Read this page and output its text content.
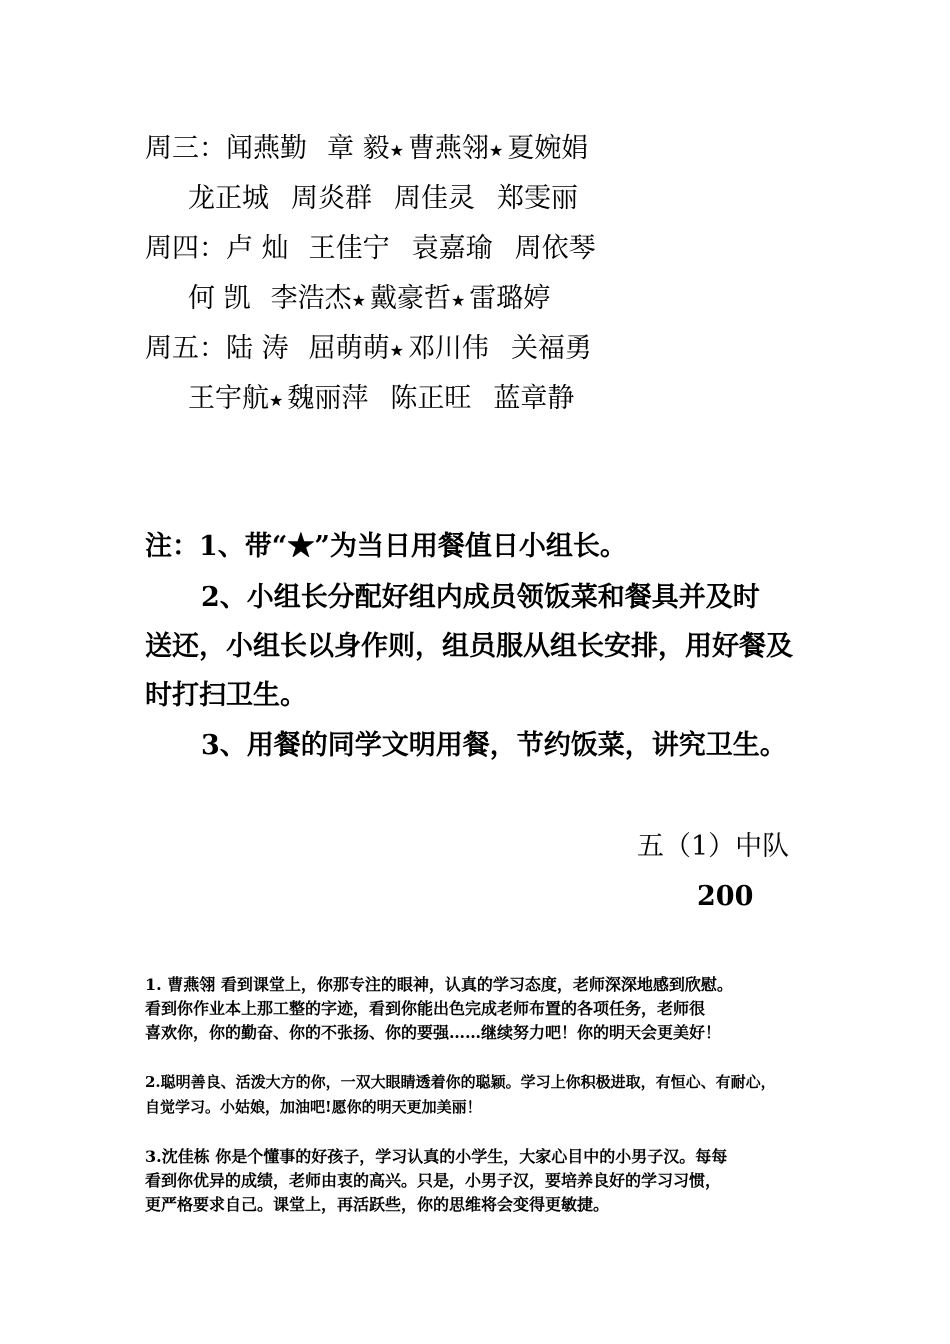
周三：闻燕勤 章 毅★ 曹燕翎★ 夏婉娟
龙正城 周炎群 周佳灵 郑雯丽
周四：卢 灿 王佳宁 袁嘉瑜 周依琴
何 凯 李浩杰★ 戴豪哲★ 雷璐婷
周五：陆 涛 屈萌萌★ 邓川伟 关福勇
王宇航★ 魏丽萍 陈正旺 蓝章静
注：1、带“★”为当日用餐值日小组长。
2、小组长分配好组内成员领饭菜和餐具并及时
送还，小组长以身作则，组员服从组长安排，用好餐及
时打扫卫生。
3、用餐的同学文明用餐，节约饭菜，讲究卫生。
五（1）中队
200
1. 曹燕翎 看到课堂上，你那专注的眼神，认真的学习态度，老师深深地感到欣慰。
看到你作业本上那工整的字迹，看到你能出色完成老师布置的各项任务，老师很
喜欢你，你的勤奋、你的不张扬、你的要强……继续努力吧！你的明天会更美好！
2.聪明善良、活泼大方的你，一双大眼睛透着你的聪颖。学习上你积极进取，有恒心、有耐心，
自觉学习。小姑娘，加油吧!愿你的明天更加美丽！
3.沈佳栋 你是个懂事的好孩子，学习认真的小学生，大家心目中的小男子汉。每每
看到你优异的成绩，老师由衷的高兴。只是，小男子汉，要培养良好的学习习惯，
更严格要求自己。课堂上，再活跃些，你的思维将会变得更敏捷。
